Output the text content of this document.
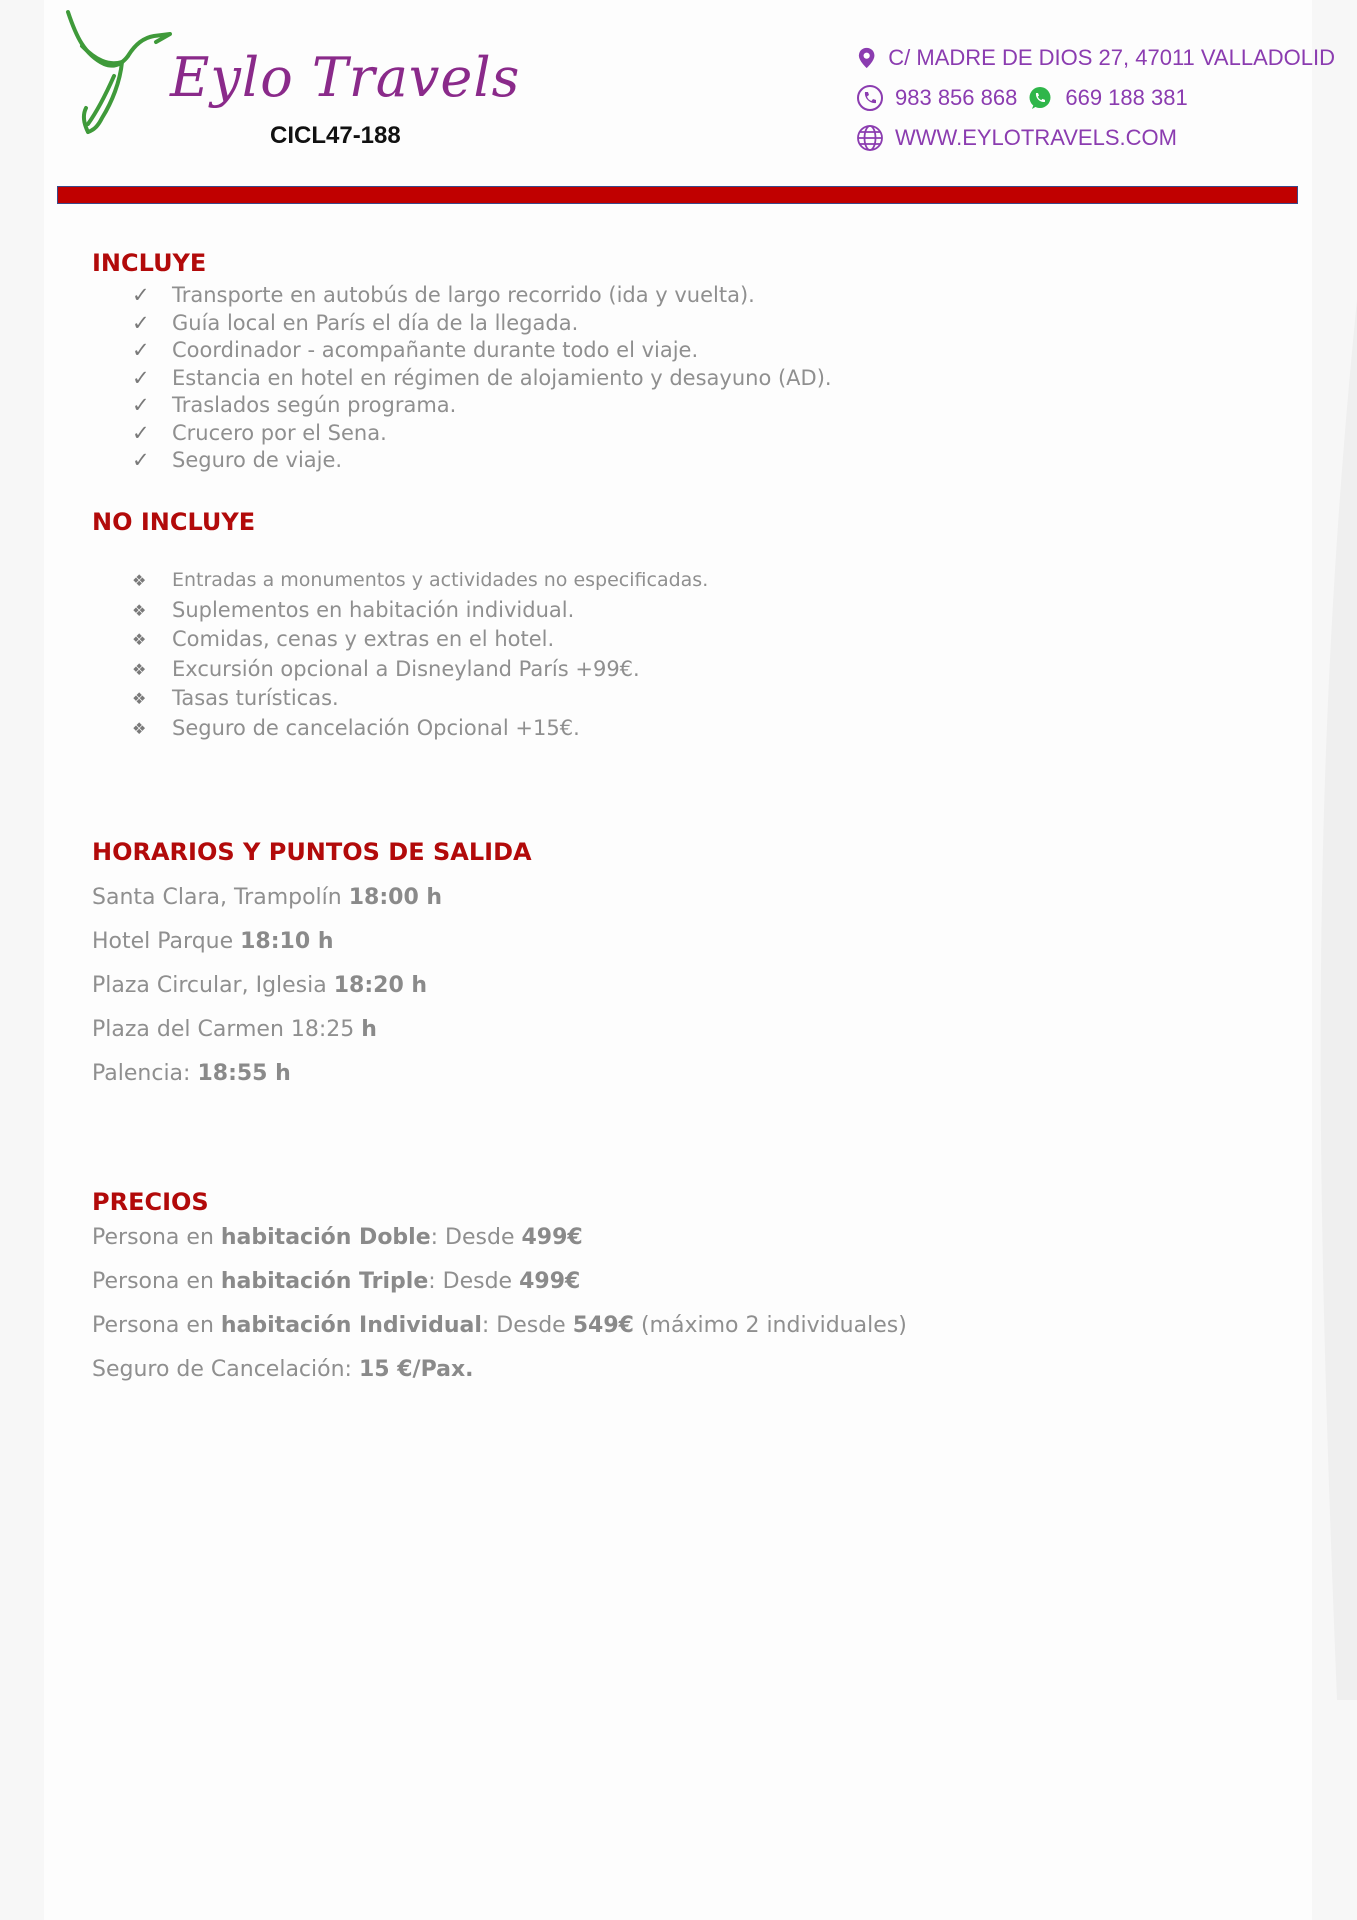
Eylo Travels
CICL47-188
C/ MADRE DE DIOS 27, 47011 VALLADOLID
983 856 868 669 188 381
WWW.EYLOTRAVELS.COM
INCLUYE
✓ Transporte en autobús de largo recorrido (ida y vuelta).
✓ Guía local en París el día de la llegada.
✓ Coordinador - acompañante durante todo el viaje.
✓ Estancia en hotel en régimen de alojamiento y desayuno (AD).
✓ Traslados según programa.
✓ Crucero por el Sena.
✓ Seguro de viaje.
NO INCLUYE
❖ Entradas a monumentos y actividades no especificadas.
❖ Suplementos en habitación individual.
❖ Comidas, cenas y extras en el hotel.
❖ Excursión opcional a Disneyland París +99€.
❖ Tasas turísticas.
❖ Seguro de cancelación Opcional +15€.
HORARIOS Y PUNTOS DE SALIDA
Santa Clara, Trampolín 18:00 h
Hotel Parque 18:10 h
Plaza Circular, Iglesia 18:20 h
Plaza del Carmen 18:25 h
Palencia: 18:55 h
PRECIOS
Persona en habitación Doble: Desde 499€
Persona en habitación Triple: Desde 499€
Persona en habitación Individual: Desde 549€ (máximo 2 individuales)
Seguro de Cancelación: 15 €/Pax.
